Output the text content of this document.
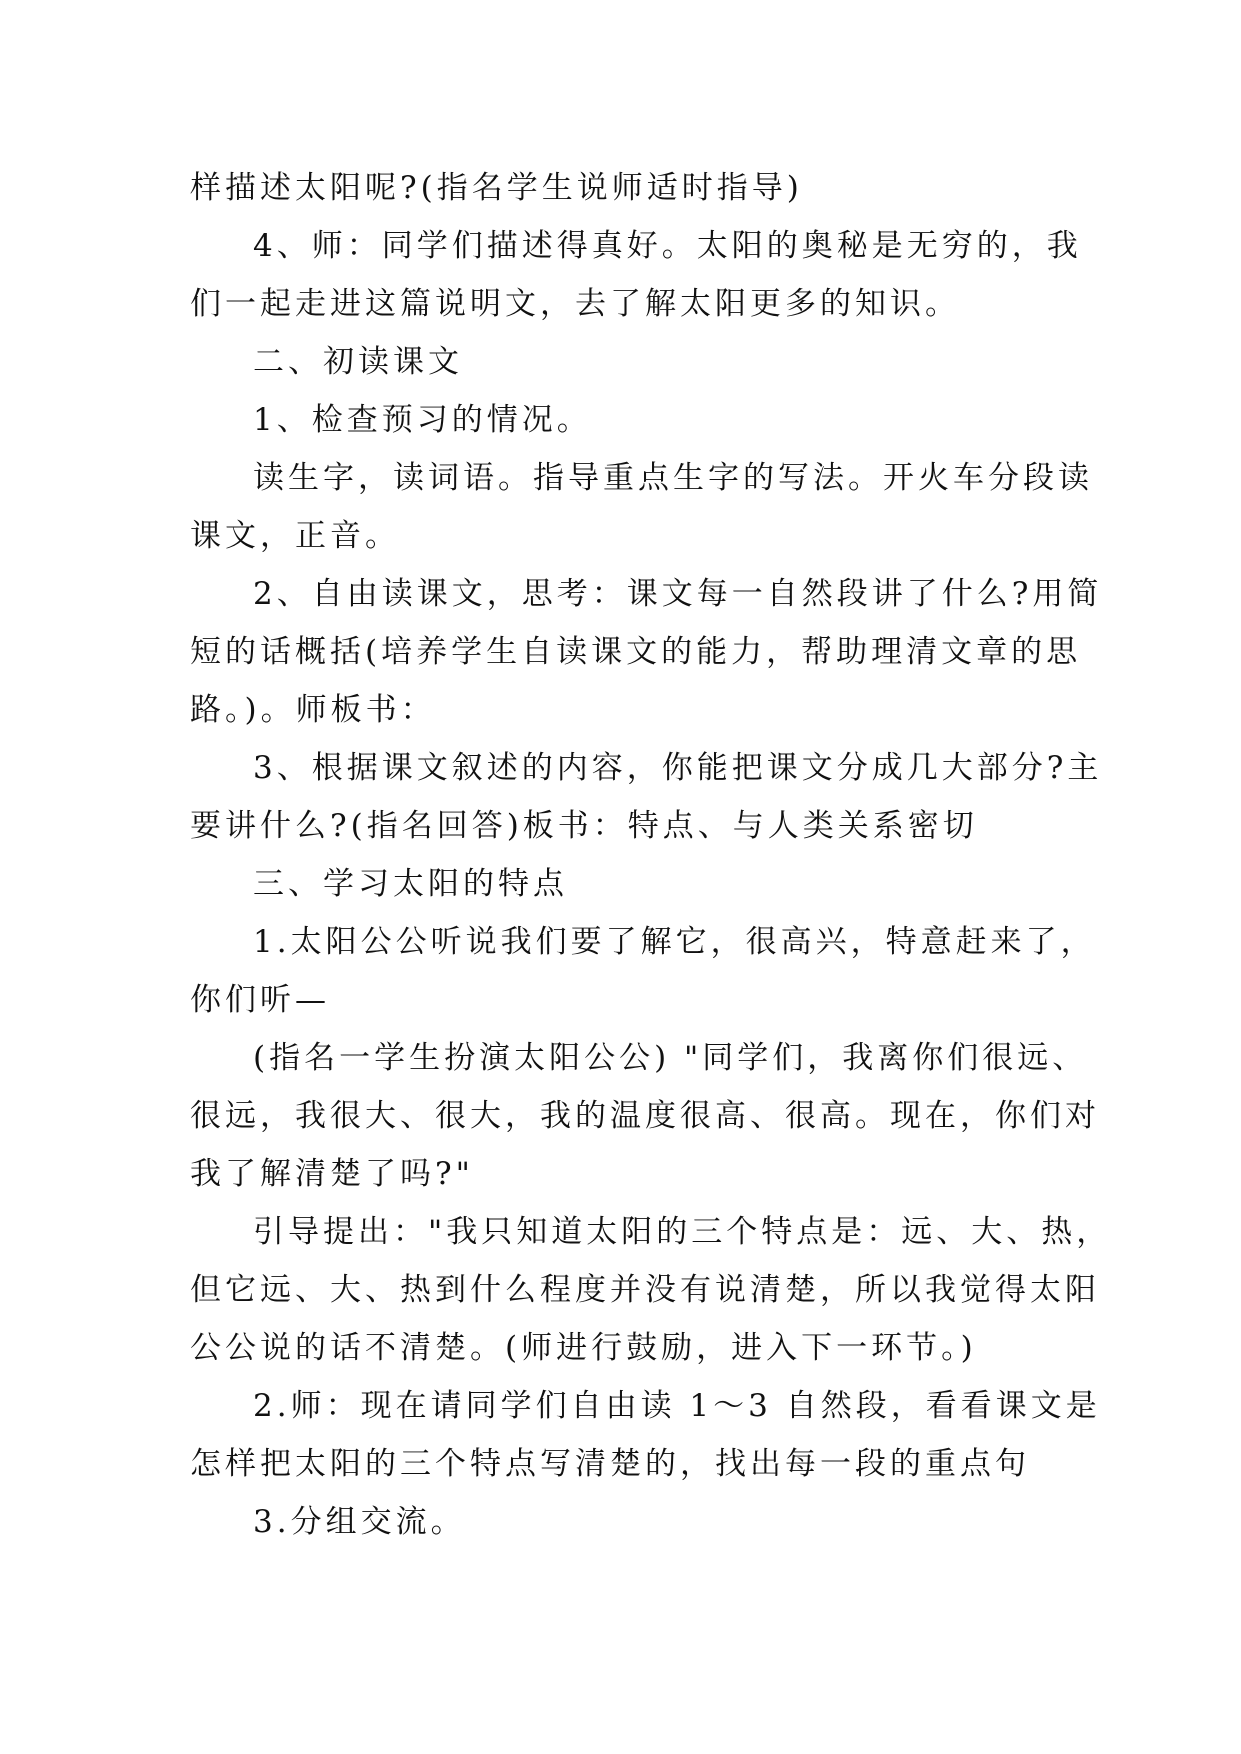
样描述太阳呢?(指名学生说师适时指导)
4、师：同学们描述得真好。太阳的奥秘是无穷的，我
们一起走进这篇说明文，去了解太阳更多的知识。
二、初读课文
1、检查预习的情况。
读生字，读词语。指导重点生字的写法。开火车分段读
课文，正音。
2、自由读课文，思考：课文每一自然段讲了什么?用简
短的话概括(培养学生自读课文的能力，帮助理清文章的思
路。)。师板书：
3、根据课文叙述的内容，你能把课文分成几大部分?主
要讲什么?(指名回答)板书：特点、与人类关系密切
三、学习太阳的特点
1.太阳公公听说我们要了解它，很高兴，特意赶来了，
你们听—
(指名一学生扮演太阳公公) "同学们，我离你们很远、
很远，我很大、很大，我的温度很高、很高。现在，你们对
我了解清楚了吗?"
引导提出："我只知道太阳的三个特点是：远、大、热，
但它远、大、热到什么程度并没有说清楚，所以我觉得太阳
公公说的话不清楚。(师进行鼓励，进入下一环节。)
2.师：现在请同学们自由读 1～3 自然段，看看课文是
怎样把太阳的三个特点写清楚的，找出每一段的重点句
3.分组交流。
